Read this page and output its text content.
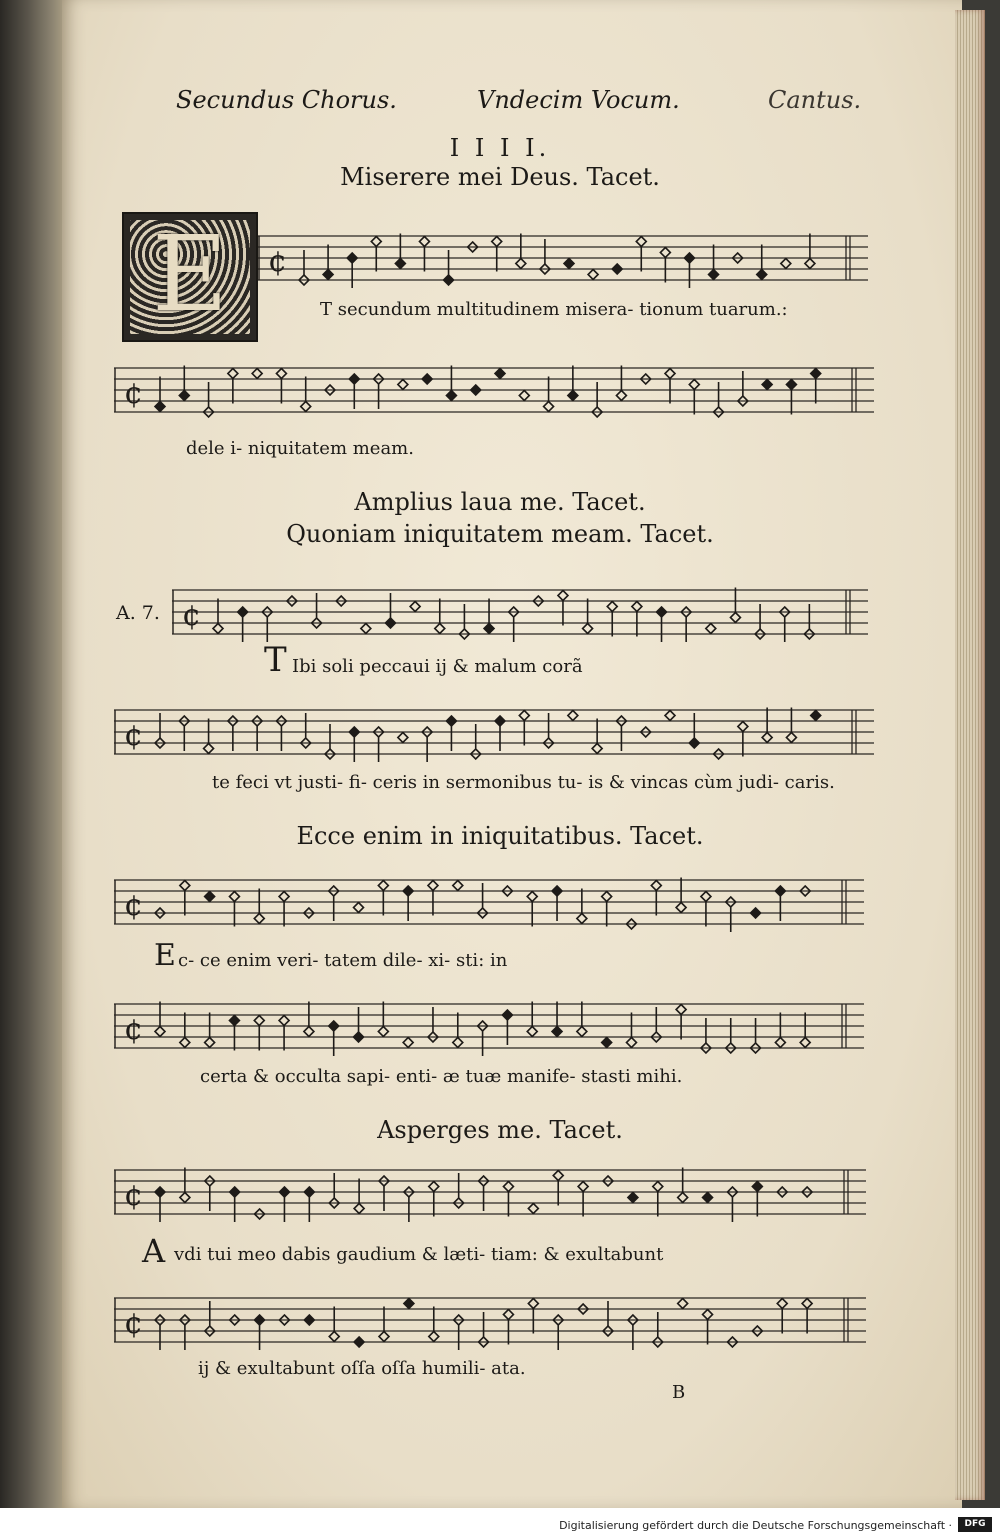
Secundus Chorus.	Vndecim Vocum.	Cantus.
I I I I.
Miserere mei Deus. Tacet.
E ¢
T secundum multitudinem misera- tionum tuarum.:
¢
dele i- niquitatem meam.
Amplius laua me. Tacet.
Quoniam iniquitatem meam. Tacet.
A. 7. ¢
T Ibi soli peccaui ij & malum corã
¢
te feci vt justi- fi- ceris in sermonibus tu- is & vincas cùm judi- caris.
Ecce enim in iniquitatibus. Tacet.
¢
E c- ce enim veri- tatem dile- xi- sti: in
¢
certa & occulta sapi- enti- æ tuæ manife- stasti mihi.
Asperges me. Tacet.
¢
A vdi tui meo dabis gaudium & læti- tiam: & exultabunt
¢
ij & exultabunt oſſa oſſa humili- ata.
B
Digitalisierung gefördert durch die Deutsche Forschungsgemeinschaft ·	DFG
